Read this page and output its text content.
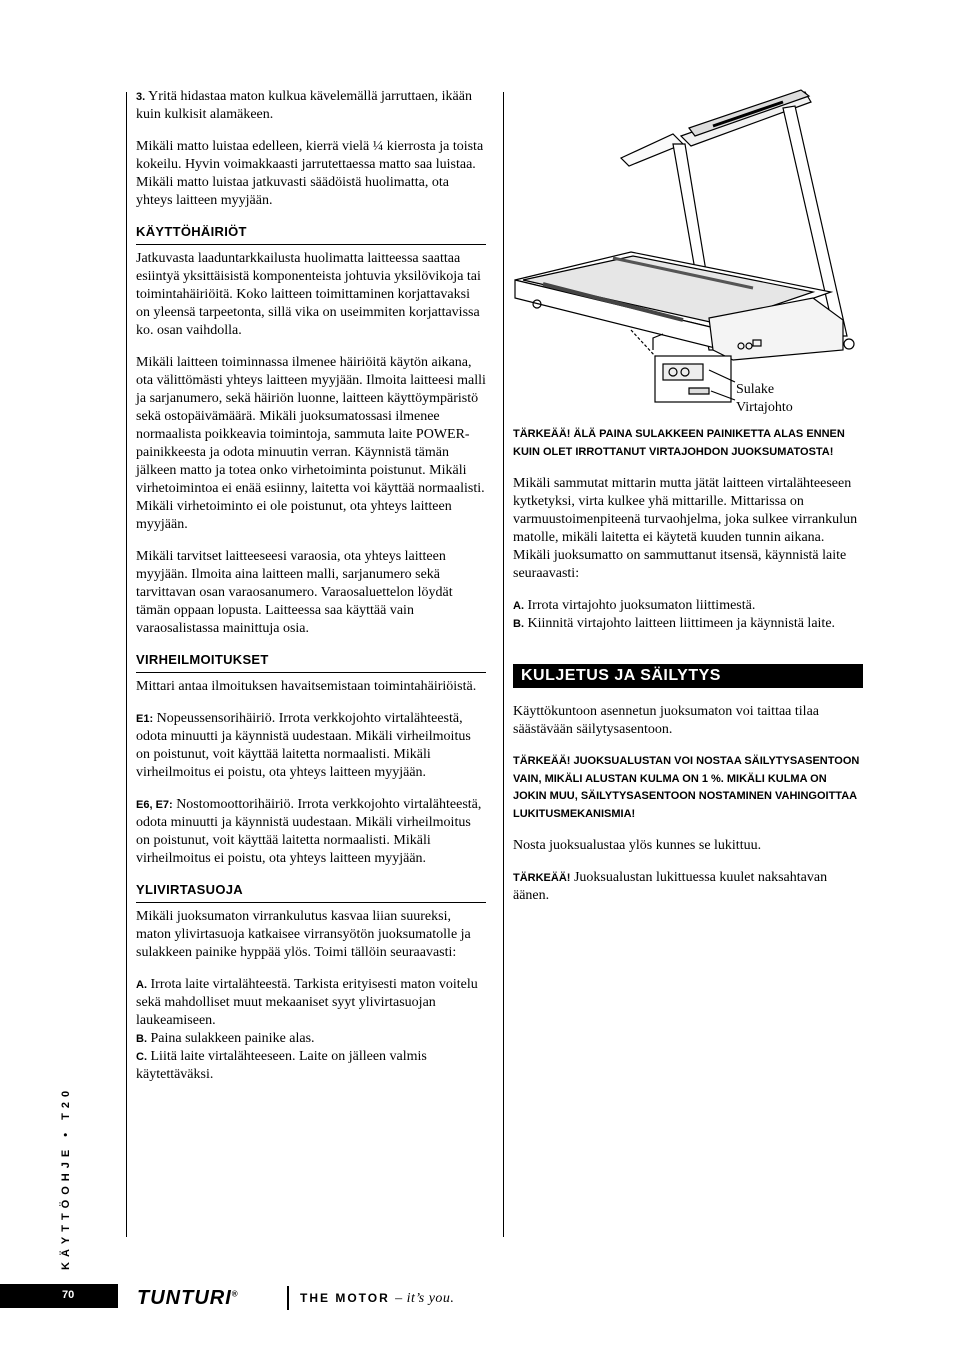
3. Yritä hidastaa maton kulkua kävelemällä jarruttaen, ikään kuin kulkisit alamäkeen.

Mikäli matto luistaa edelleen, kierrä vielä ¼ kierrosta ja toista kokeilu. Hyvin voimakkaasti jarrutettaessa matto saa luistaa. Mikäli matto luistaa jatkuvasti säädöistä huolimatta, ota yhteys laitteen myyjään.

KÄYTTÖHÄIRIÖT

Jatkuvasta laaduntarkkailusta huolimatta laitteessa saattaa esiintyä yksittäisistä komponenteista johtuvia yksilövikoja tai toimintahäiriöitä. Koko laitteen toimittaminen korjattavaksi on yleensä tarpeetonta, sillä vika on useimmiten korjattavissa ko. osan vaihdolla.

Mikäli laitteen toiminnassa ilmenee häiriöitä käytön aikana, ota välittömästi yhteys laitteen myyjään. Ilmoita laitteesi malli ja sarjanumero, sekä häiriön luonne, laitteen käyttöympäristö sekä ostopäivämäärä. Mikäli juoksumatossasi ilmenee normaalista poikkeavia toimintoja, sammuta laite POWER-painikkeesta ja odota minuutin verran. Käynnistä tämän jälkeen matto ja totea onko virhetoiminta poistunut. Mikäli virhetoimintoa ei enää esiinny, laitetta voi käyttää normaalisti. Mikäli virhetoiminto ei ole poistunut, ota yhteys laitteen myyjään.

Mikäli tarvitset laitteeseesi varaosia, ota yhteys laitteen myyjään. Ilmoita aina laitteen malli, sarjanumero sekä tarvittavan osan varaosanumero. Varaosaluettelon löydät tämän oppaan lopusta. Laitteessa saa käyttää vain varaosalistassa mainittuja osia.

VIRHEILMOITUKSET

Mittari antaa ilmoituksen havaitsemistaan toimintahäiriöistä.

E1: Nopeussensorihäiriö. Irrota verkkojohto virtalähteestä, odota minuutti ja käynnistä uudestaan. Mikäli virheilmoitus on poistunut, voit käyttää laitetta normaalisti. Mikäli virheilmoitus ei poistu, ota yhteys laitteen myyjään.

E6, E7: Nostomoottorihäiriö. Irrota verkkojohto virtalähteestä, odota minuutti ja käynnistä uudestaan. Mikäli virheilmoitus on poistunut, voit käyttää laitetta normaalisti. Mikäli virheilmoitus ei poistu, ota yhteys laitteen myyjään.

YLIVIRTASUOJA

Mikäli juoksumaton virrankulutus kasvaa liian suureksi, maton ylivirtasuoja katkaisee virransyötön juoksumatolle ja sulakkeen painike hyppää ylös. Toimi tällöin seuraavasti:

A. Irrota laite virtalähteestä. Tarkista erityisesti maton voitelu sekä mahdolliset muut mekaaniset syyt ylivirtasuojan laukeamiseen.

B. Paina sulakkeen painike alas.

C. Liitä laite virtalähteeseen. Laite on jälleen valmis käytettäväksi.

Sulake
Virtajohto

TÄRKEÄÄ! ÄLÄ PAINA SULAKKEEN PAINIKETTA ALAS ENNEN KUIN OLET IRROTTANUT VIRTAJOHDON JUOKSUMATOSTA!

Mikäli sammutat mittarin mutta jätät laitteen virtalähteeseen kytketyksi, virta kulkee yhä mittarille. Mittarissa on varmuustoimenpiteenä turvaohjelma, joka sulkee virrankulun matolle, mikäli laitetta ei käytetä kuuden tunnin aikana. Mikäli juoksumatto on sammuttanut itsensä, käynnistä laite seuraavasti:

A. Irrota virtajohto juoksumaton liittimestä.

B. Kiinnitä virtajohto laitteen liittimeen ja käynnistä laite.

KULJETUS JA SÄILYTYS

Käyttökuntoon asennetun juoksumaton voi taittaa tilaa säästävään säilytysasentoon.

TÄRKEÄÄ! JUOKSUALUSTAN VOI NOSTAA SÄILYTYSASENTOON VAIN, MIKÄLI ALUSTAN KULMA ON 1 %. MIKÄLI KULMA ON JOKIN MUU, SÄILYTYSASENTOON NOSTAMINEN VAHINGOITTAA LUKITUSMEKANISMIA!

Nosta juoksualustaa ylös kunnes se lukittuu.

TÄRKEÄÄ! Juoksualustan lukittuessa kuulet naksahtavan äänen.

KÄYTTÖOHJE • T20
70	TUNTURI®	THE MOTOR – it’s you.
